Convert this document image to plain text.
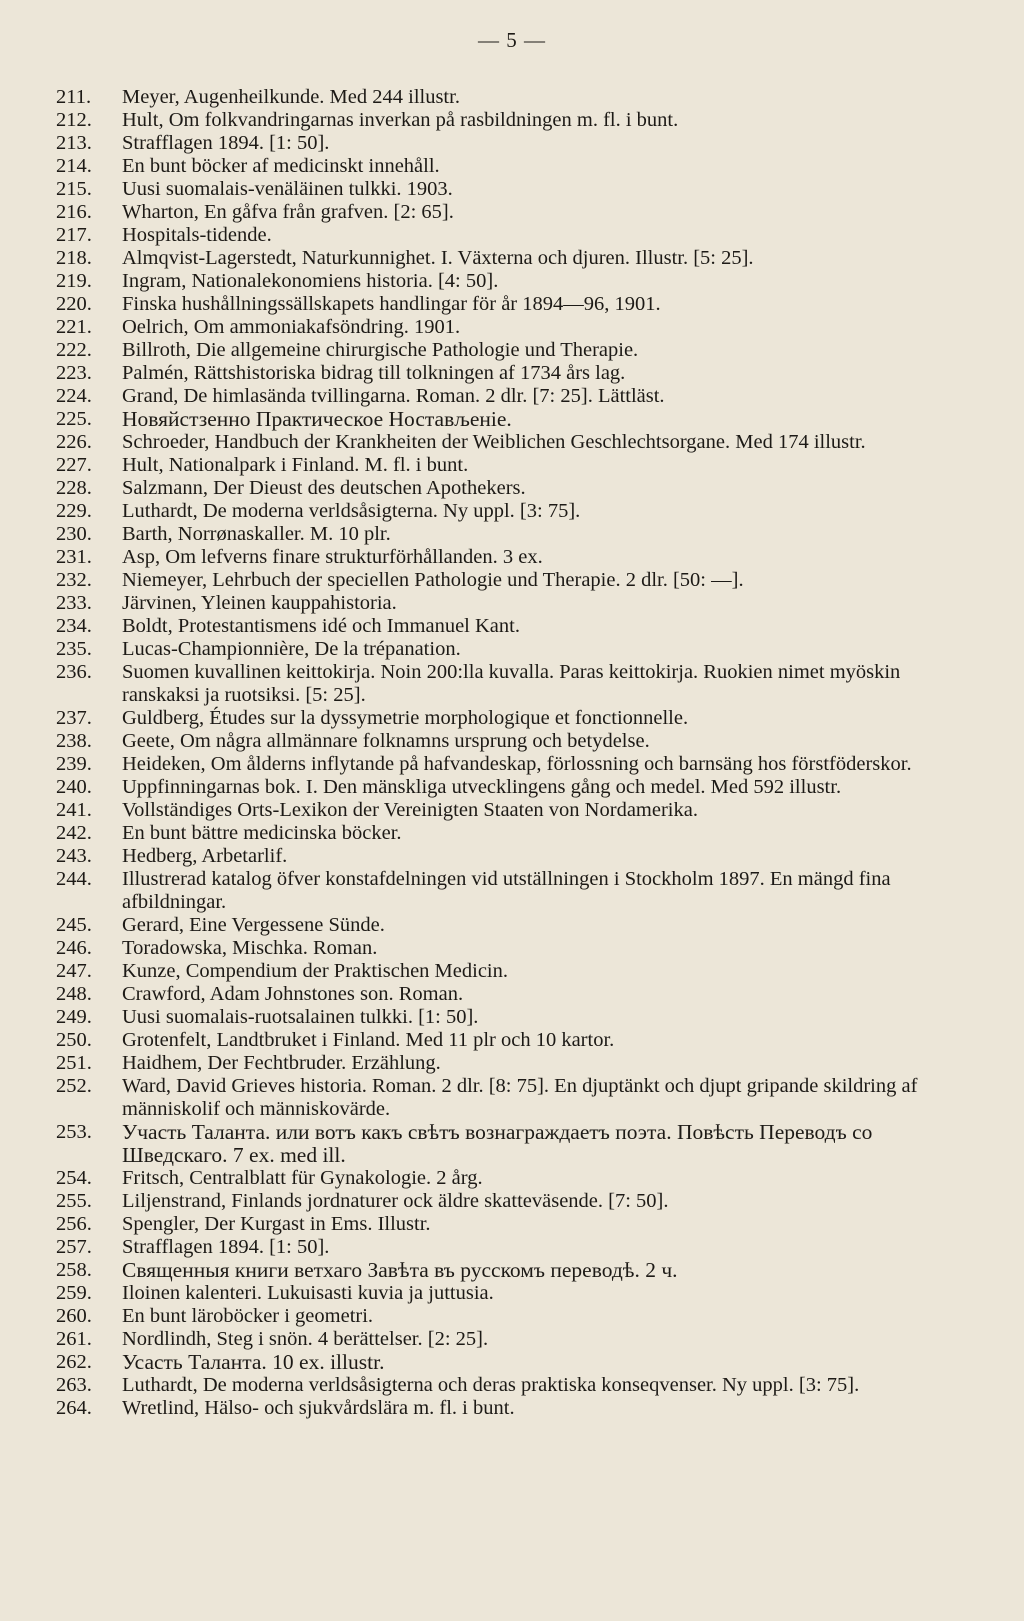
— 5 —
211.	Meyer, Augenheilkunde. Med 244 illustr.
212.	Hult, Om folkvandringarnas inverkan på rasbildningen m. fl. i bunt.
213.	Strafflagen 1894. [1: 50].
214.	En bunt böcker af medicinskt innehåll.
215.	Uusi suomalais-venäläinen tulkki. 1903.
216.	Wharton, En gåfva från grafven. [2: 65].
217.	Hospitals-tidende.
218.	Almqvist-Lagerstedt, Naturkunnighet. I. Växterna och djuren. Illustr. [5: 25].
219.	Ingram, Nationalekonomiens historia. [4: 50].
220.	Finska hushållningssällskapets handlingar för år 1894—96, 1901.
221.	Oelrich, Om ammoniakafsöndring. 1901.
222.	Billroth, Die allgemeine chirurgische Pathologie und Therapie.
223.	Palmén, Rättshistoriska bidrag till tolkningen af 1734 års lag.
224.	Grand, De himlasända tvillingarna. Roman. 2 dlr. [7: 25]. Lättläst.
225.	Новяйстзенно Практическое Ностављеніе.
226.	Schroeder, Handbuch der Krankheiten der Weiblichen Geschlechtsorgane. Med 174 illustr.
227.	Hult, Nationalpark i Finland. M. fl. i bunt.
228.	Salzmann, Der Dieust des deutschen Apothekers.
229.	Luthardt, De moderna verldsåsigterna. Ny uppl. [3: 75].
230.	Barth, Norrønaskaller. M. 10 plr.
231.	Asp, Om lefverns finare strukturförhållanden. 3 ex.
232.	Niemeyer, Lehrbuch der speciellen Pathologie und Therapie. 2 dlr. [50: —].
233.	Järvinen, Yleinen kauppahistoria.
234.	Boldt, Protestantismens idé och Immanuel Kant.
235.	Lucas-Championnière, De la trépanation.
236.	Suomen kuvallinen keittokirja. Noin 200:lla kuvalla. Paras keittokirja. Ruokien nimet myöskin ranskaksi ja ruotsiksi. [5: 25].
237.	Guldberg, Études sur la dyssymetrie morphologique et fonctionnelle.
238.	Geete, Om några allmännare folknamns ursprung och betydelse.
239.	Heideken, Om ålderns inflytande på hafvandeskap, förlossning och barnsäng hos förstföderskor.
240.	Uppfinningarnas bok. I. Den mänskliga utvecklingens gång och medel. Med 592 illustr.
241.	Vollständiges Orts-Lexikon der Vereinigten Staaten von Nordamerika.
242.	En bunt bättre medicinska böcker.
243.	Hedberg, Arbetarlif.
244.	Illustrerad katalog öfver konstafdelningen vid utställningen i Stockholm 1897. En mängd fina afbildningar.
245.	Gerard, Eine Vergessene Sünde.
246.	Toradowska, Mischka. Roman.
247.	Kunze, Compendium der Praktischen Medicin.
248.	Crawford, Adam Johnstones son. Roman.
249.	Uusi suomalais-ruotsalainen tulkki. [1: 50].
250.	Grotenfelt, Landtbruket i Finland. Med 11 plr och 10 kartor.
251.	Haidhem, Der Fechtbruder. Erzählung.
252.	Ward, David Grieves historia. Roman. 2 dlr. [8: 75]. En djuptänkt och djupt gripande skildring af människolif och människovärde.
253.	Участь Таланта. или вотъ какъ свѣтъ вознаграждаетъ поэта. Повѣсть Переводъ со Шведскаго. 7 ex. med ill.
254.	Fritsch, Centralblatt für Gynakologie. 2 årg.
255.	Liljenstrand, Finlands jordnaturer ock äldre skatteväsende. [7: 50].
256.	Spengler, Der Kurgast in Ems. Illustr.
257.	Strafflagen 1894. [1: 50].
258.	Священныя книги ветхаго Завѣта въ русскомъ переводѣ. 2 ч.
259.	Iloinen kalenteri. Lukuisasti kuvia ja juttusia.
260.	En bunt läroböcker i geometri.
261.	Nordlindh, Steg i snön. 4 berättelser. [2: 25].
262.	Усасть Таланта. 10 ex. illustr.
263.	Luthardt, De moderna verldsåsigterna och deras praktiska konseqvenser. Ny uppl. [3: 75].
264.	Wretlind, Hälso- och sjukvårdslära m. fl. i bunt.
